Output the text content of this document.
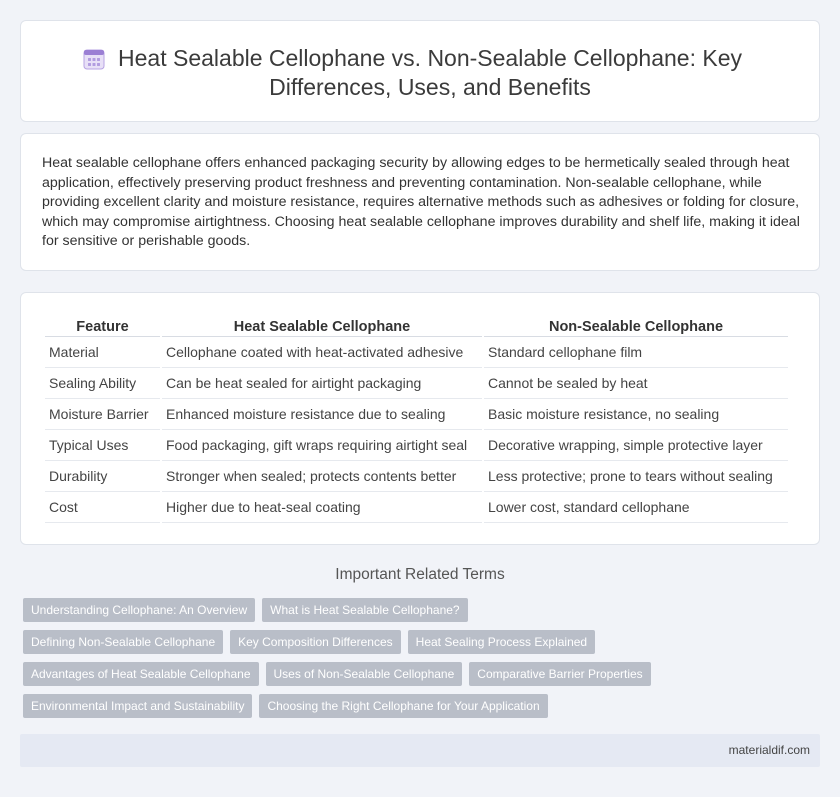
Heat Sealable Cellophane vs. Non-Sealable Cellophane: Key Differences, Uses, and Benefits

Heat sealable cellophane offers enhanced packaging security by allowing edges to be hermetically sealed through heat application, effectively preserving product freshness and preventing contamination. Non-sealable cellophane, while providing excellent clarity and moisture resistance, requires alternative methods such as adhesives or folding for closure, which may compromise airtightness. Choosing heat sealable cellophane improves durability and shelf life, making it ideal for sensitive or perishable goods.

Feature	Heat Sealable Cellophane	Non-Sealable Cellophane
Material	Cellophane coated with heat-activated adhesive	Standard cellophane film
Sealing Ability	Can be heat sealed for airtight packaging	Cannot be sealed by heat
Moisture Barrier	Enhanced moisture resistance due to sealing	Basic moisture resistance, no sealing
Typical Uses	Food packaging, gift wraps requiring airtight seal	Decorative wrapping, simple protective layer
Durability	Stronger when sealed; protects contents better	Less protective; prone to tears without sealing
Cost	Higher due to heat-seal coating	Lower cost, standard cellophane
Important Related Terms
Understanding Cellophane: An Overview	What is Heat Sealable Cellophane?
Defining Non-Sealable Cellophane	Key Composition Differences	Heat Sealing Process Explained
Advantages of Heat Sealable Cellophane	Uses of Non-Sealable Cellophane	Comparative Barrier Properties
Environmental Impact and Sustainability	Choosing the Right Cellophane for Your Application
materialdif.com
